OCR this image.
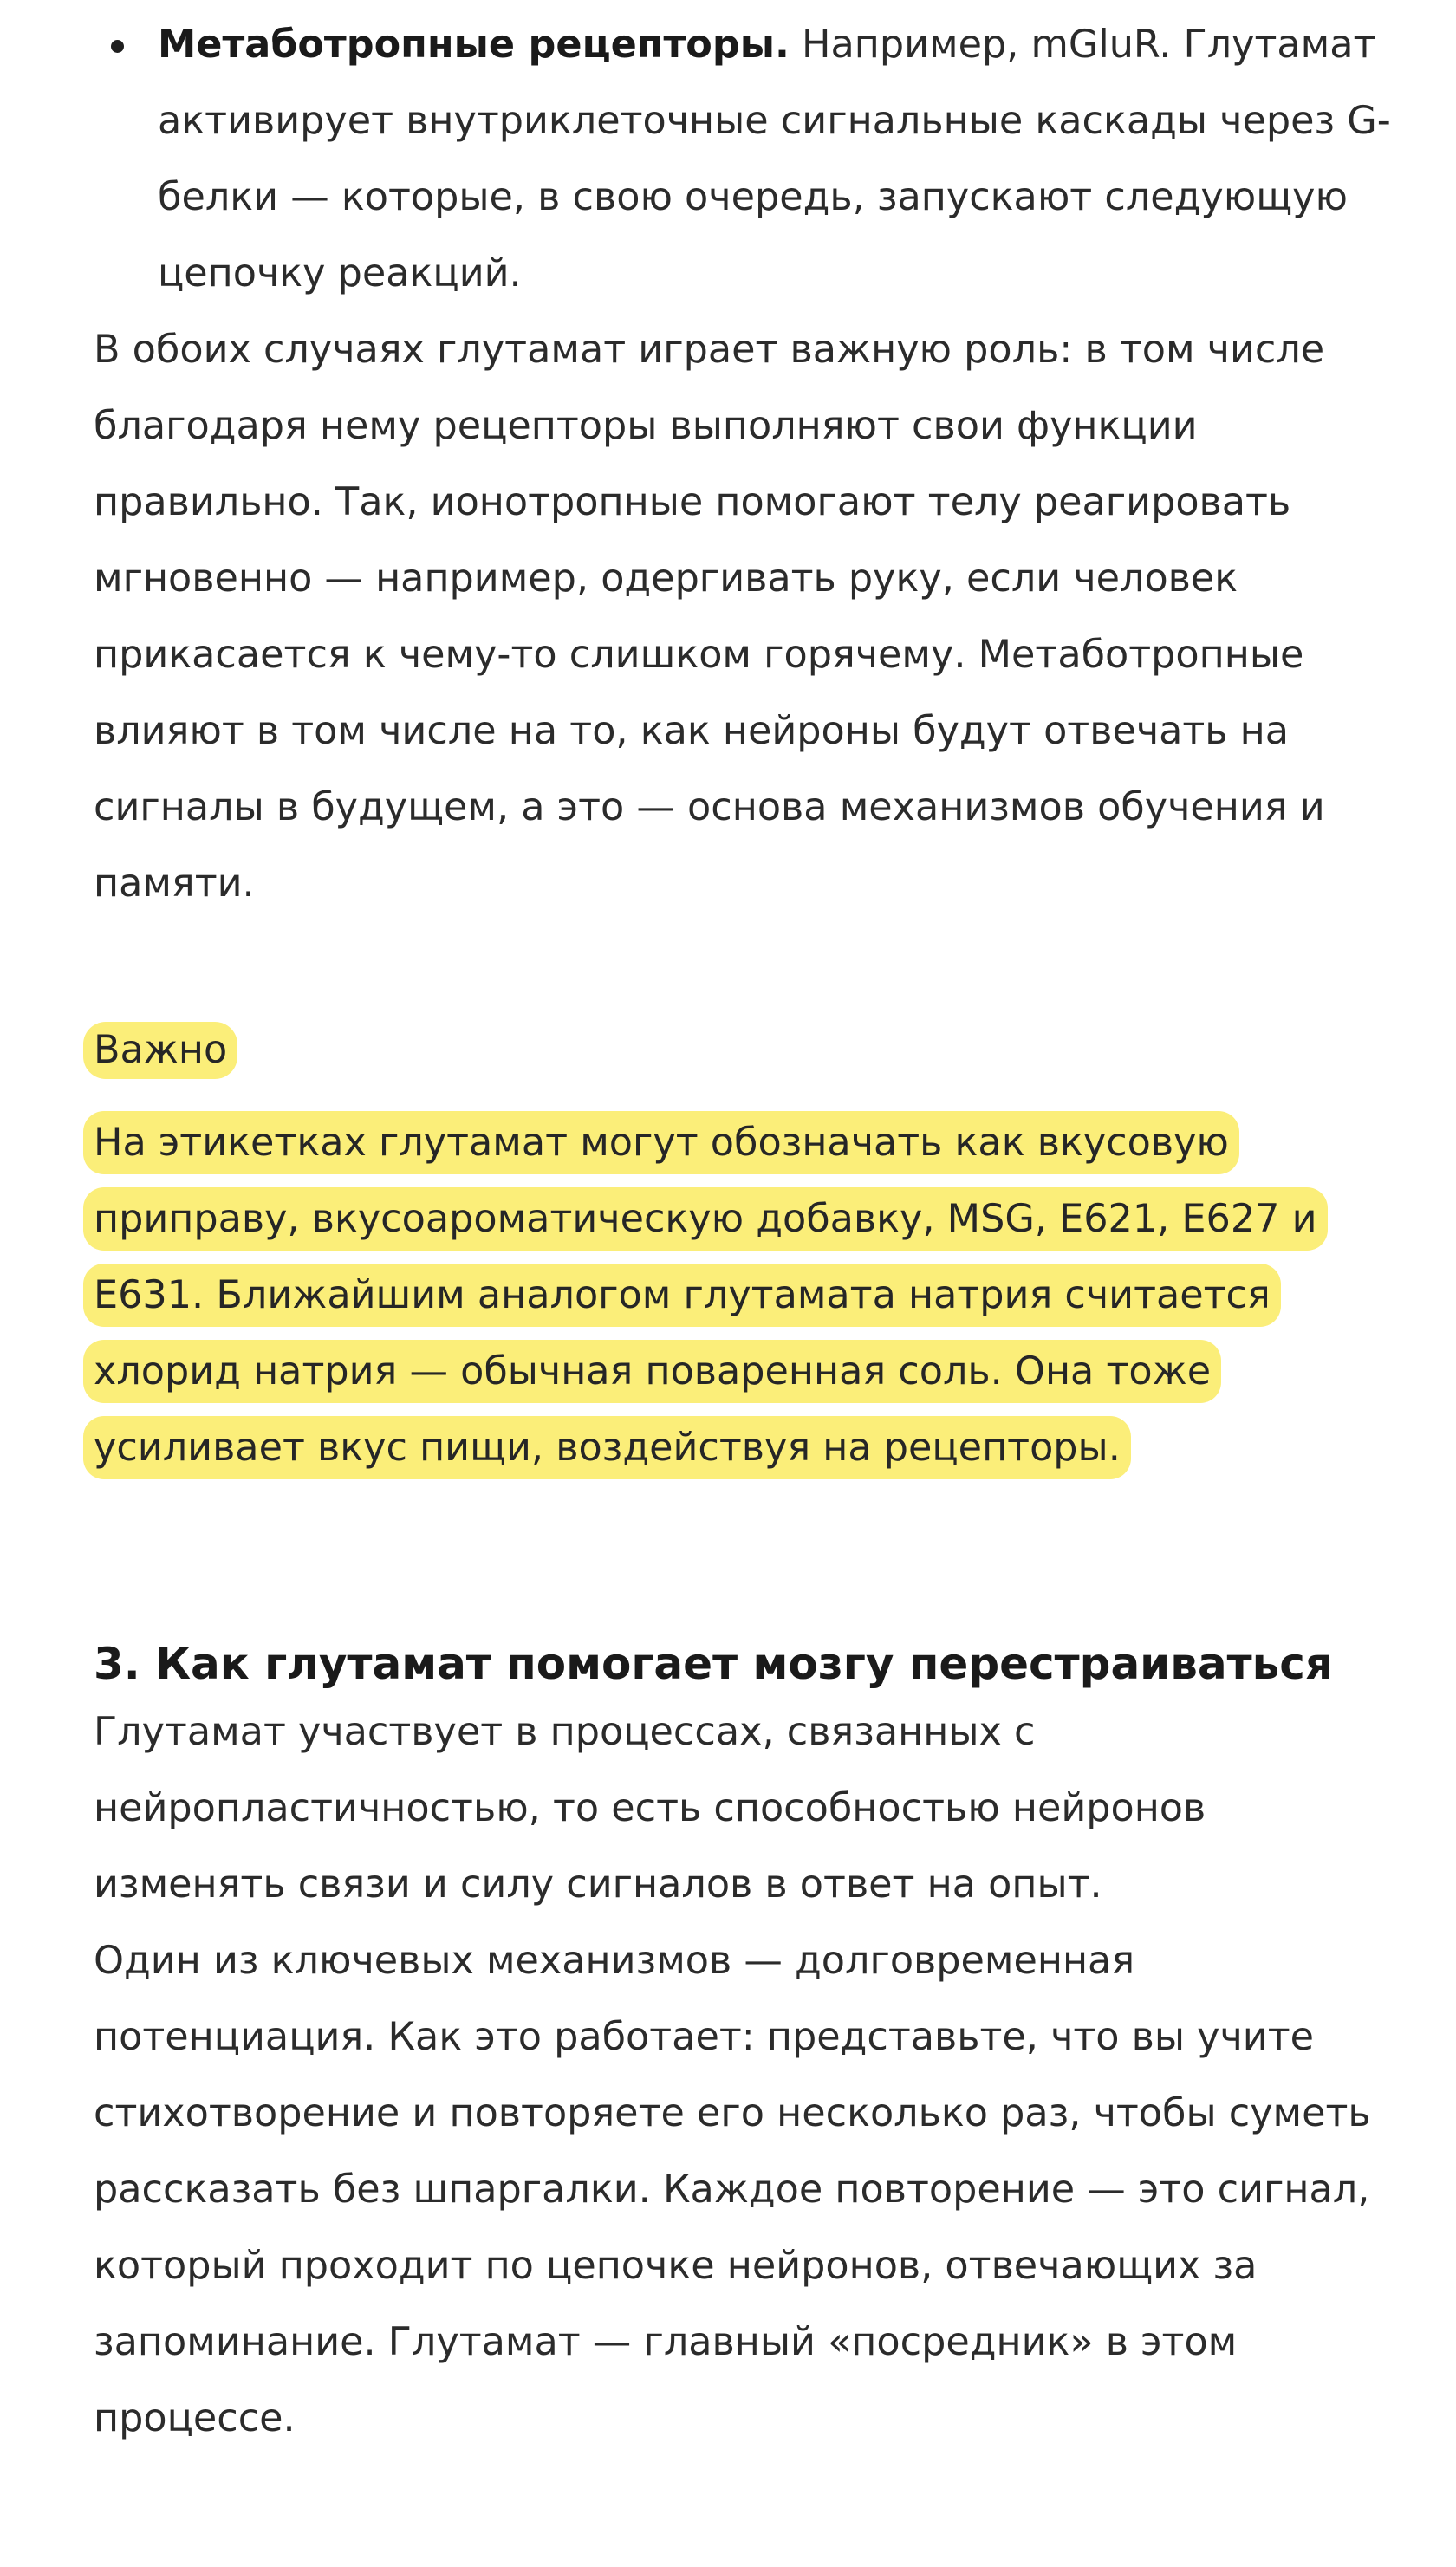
Метаботропные рецепторы. Например, mGluR. Глутамат активирует внутриклеточные сигнальные каскады через G-белки — которые, в свою очередь, запускают следующую цепочку реакций.

В обоих случаях глутамат играет важную роль: в том числе благодаря нему рецепторы выполняют свои функции правильно. Так, ионотропные помогают телу реагировать мгновенно — например, одергивать руку, если человек прикасается к чему-то слишком горячему. Метаботропные влияют в том числе на то, как нейроны будут отвечать на сигналы в будущем, а это — основа механизмов обучения и памяти.

Важно
На этикетках глутамат могут обозначать как вкусовую приправу, вкусоароматическую добавку, MSG, E621, E627 и E631. Ближайшим аналогом глутамата натрия считается хлорид натрия — обычная поваренная соль. Она тоже усиливает вкус пищи, воздействуя на рецепторы.
3. Как глутамат помогает мозгу перестраиваться

Глутамат участвует в процессах, связанных с нейропластичностью, то есть способностью нейронов изменять связи и силу сигналов в ответ на опыт.

Один из ключевых механизмов — долговременная потенциация. Как это работает: представьте, что вы учите стихотворение и повторяете его несколько раз, чтобы суметь рассказать без шпаргалки. Каждое повторение — это сигнал, который проходит по цепочке нейронов, отвечающих за запоминание. Глутамат — главный «посредник» в этом процессе.
